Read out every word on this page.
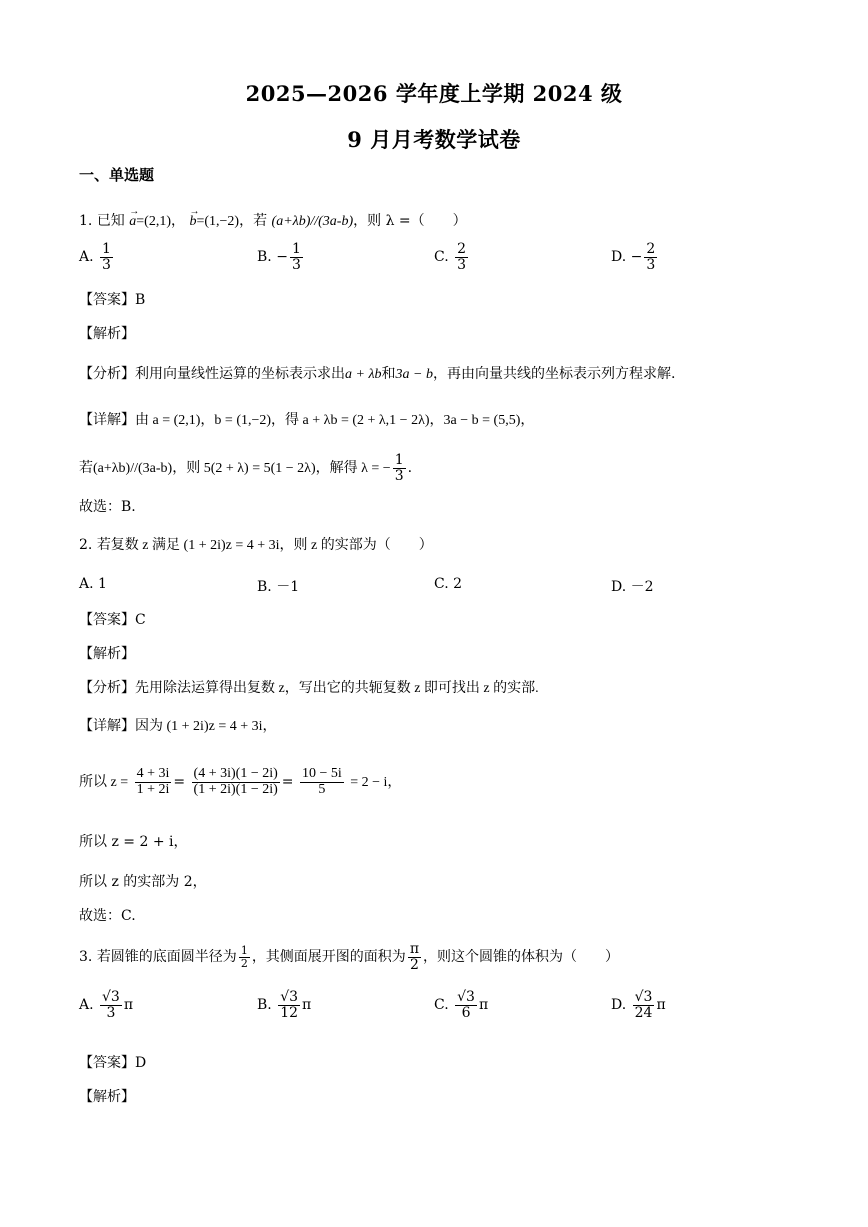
2025—2026 学年度上学期 2024 级
9 月月考数学试卷
一、单选题
1. 已知 → a=(2,1)， → b=(1,−2)，若 (a+λb)//(3a-b)，则 λ =（　　）
A. $\frac{1}{3}$	B. − $\frac{1}{3}$	C. $\frac{2}{3}$	D. − $\frac{2}{3}$
【答案】B
【解析】
【分析】利用向量线性运算的坐标表示求出a + λb和3a − b，再由向量共线的坐标表示列方程求解.
【详解】由 a = (2,1)，b = (1,−2)，得 a + λb = (2 + λ,1 − 2λ)，3a − b = (5,5)，
若(a+λb)//(3a-b)，则 5(2 + λ) = 5(1 − 2λ)，解得 λ = − $\frac{1}{3}$ .
故选：B.
2. 若复数 z 满足 (1 + 2i)z = 4 + 3i，则 z 的实部为（　　）
A. 1	B. －1	C. 2	D. －2
【答案】C
【解析】
【分析】先用除法运算得出复数 z，写出它的共轭复数 z 即可找出 z 的实部.
【详解】因为 (1 + 2i)z = 4 + 3i，
所以 $z = \frac{4 + 3i}{1 + 2i} = \frac{(4 + 3i)(1 - 2i)}{(1 + 2i)(1 - 2i)} = \frac{10 - 5i}{5} = 2 - i$，
所以 z = 2 + i，
所以 z 的实部为 2，
故选：C.
3. 若圆锥的底面圆半径为 $\frac{1}{2}$ ，其侧面展开图的面积为 $\frac{\pi}{2}$ ，则这个圆锥的体积为（　　）
A. $\frac{√3}{3}$ π	B. $\frac{√3}{12}$ π	C. $\frac{√3}{6}$ π	D. $\frac{√3}{24}$ π
【答案】D
【解析】
